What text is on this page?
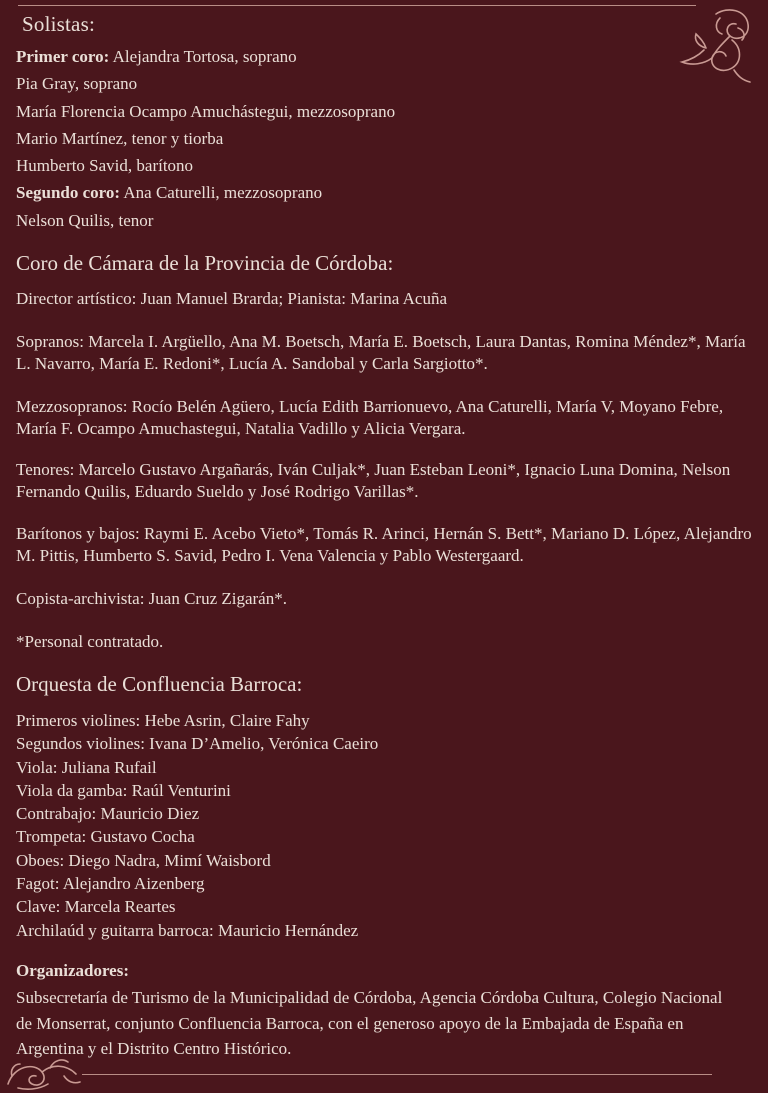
Solistas:
Primer coro: Alejandra Tortosa, soprano
Pia Gray, soprano
María Florencia Ocampo Amuchástegui, mezzosoprano
Mario Martínez, tenor y tiorba
Humberto Savid, barítono
Segundo coro: Ana Caturelli, mezzosoprano
Nelson Quilis, tenor
Coro de Cámara de la Provincia de Córdoba:

Director artístico: Juan Manuel Brarda; Pianista: Marina Acuña

Sopranos: Marcela I. Argüello, Ana M. Boetsch, María E. Boetsch, Laura Dantas, Romina Méndez*, María L. Navarro, María E. Redoni*, Lucía A. Sandobal y Carla Sargiotto*.

Mezzosopranos: Rocío Belén Agüero, Lucía Edith Barrionuevo, Ana Caturelli, María V, Moyano Febre, María F. Ocampo Amuchastegui, Natalia Vadillo y Alicia Vergara.

Tenores: Marcelo Gustavo Argañarás, Iván Culjak*, Juan Esteban Leoni*, Ignacio Luna Domina, Nelson Fernando Quilis, Eduardo Sueldo y José Rodrigo Varillas*.

Barítonos y bajos: Raymi E. Acebo Vieto*, Tomás R. Arinci, Hernán S. Bett*, Mariano D. López, Alejandro M. Pittis, Humberto S. Savid, Pedro I. Vena Valencia y Pablo Westergaard.

Copista-archivista: Juan Cruz Zigarán*.

*Personal contratado.

Orquesta de Confluencia Barroca:
Primeros violines: Hebe Asrin, Claire Fahy
Segundos violines: Ivana D’Amelio, Verónica Caeiro
Viola: Juliana Rufail
Viola da gamba: Raúl Venturini
Contrabajo: Mauricio Diez
Trompeta: Gustavo Cocha
Oboes: Diego Nadra, Mimí Waisbord
Fagot: Alejandro Aizenberg
Clave: Marcela Reartes
Archilaúd y guitarra barroca: Mauricio Hernández
Organizadores:

Subsecretaría de Turismo de la Municipalidad de Córdoba, Agencia Córdoba Cultura, Colegio Nacional de Monserrat, conjunto Confluencia Barroca, con el generoso apoyo de la Embajada de España en Argentina y el Distrito Centro Histórico.
